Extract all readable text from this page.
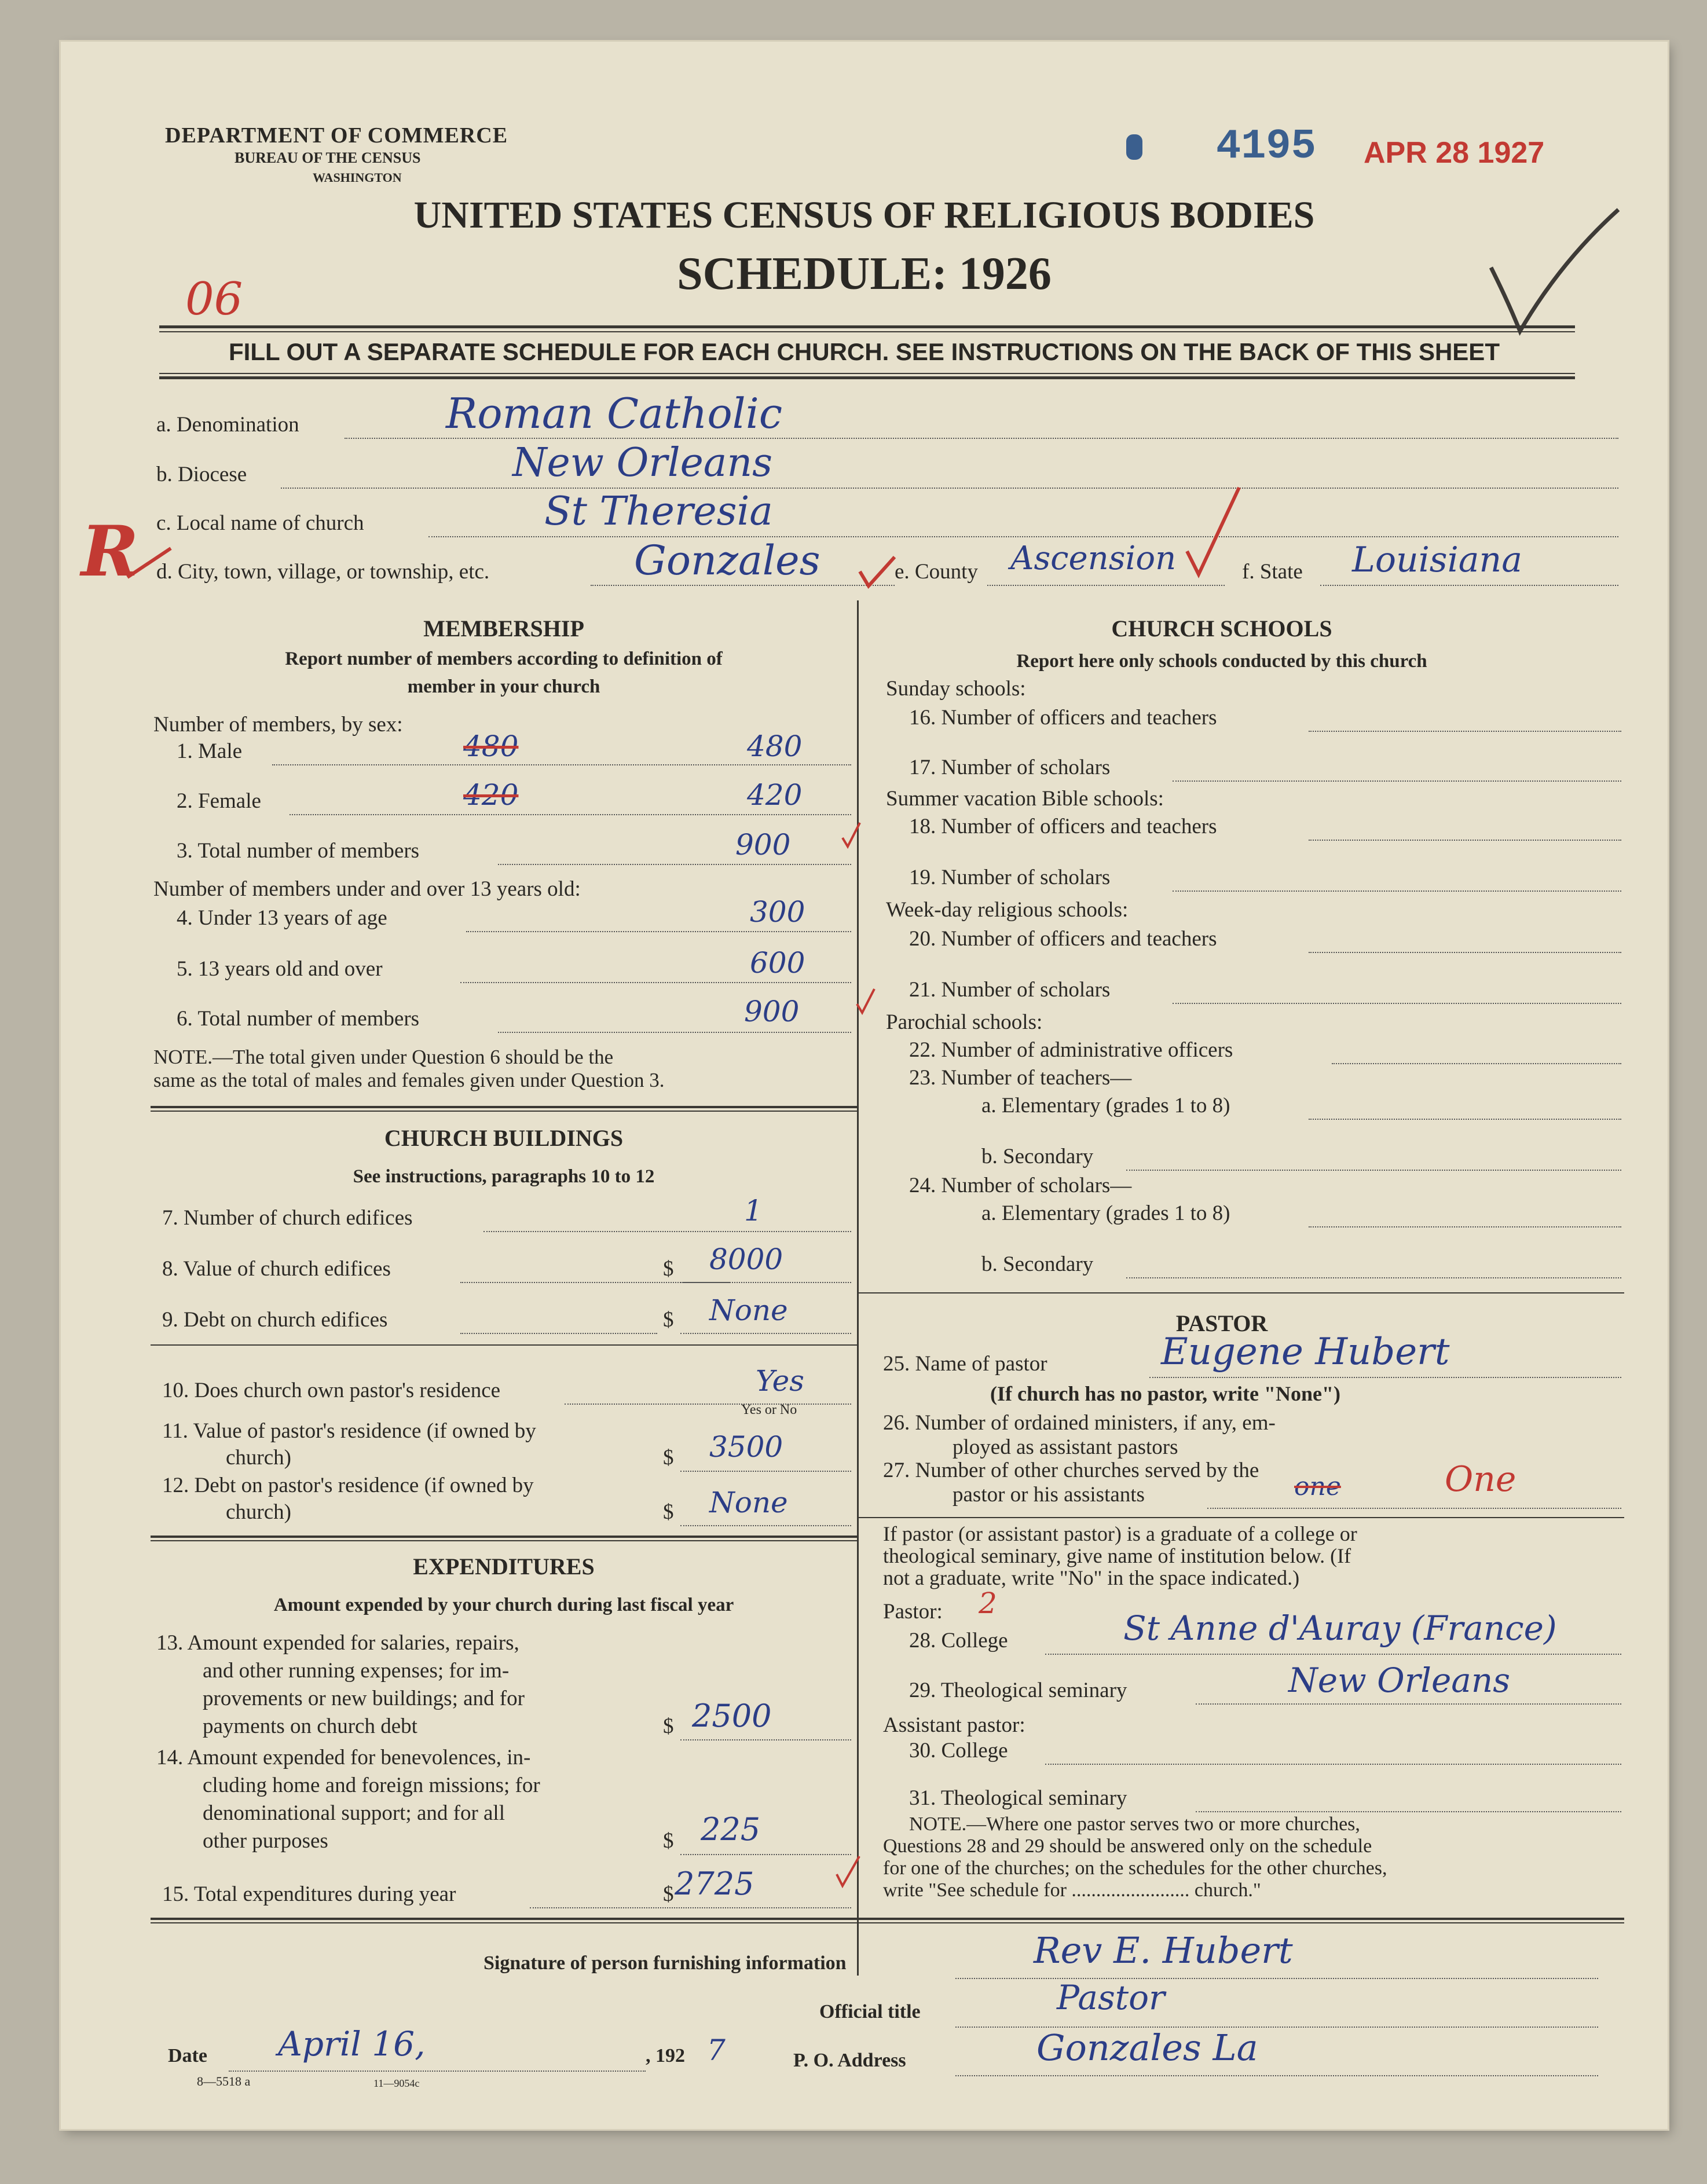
DEPARTMENT OF COMMERCE
BUREAU OF THE CENSUS
WASHINGTON
4195 APR 28 1927
UNITED STATES CENSUS OF RELIGIOUS BODIES
SCHEDULE: 1926
06
FILL OUT A SEPARATE SCHEDULE FOR EACH CHURCH. SEE INSTRUCTIONS ON THE BACK OF THIS SHEET
a. Denomination	Roman Catholic
b. Diocese	New Orleans
c. Local name of church	St Theresia
R d. City, town, village, or township, etc.	Gonzales	e. County Ascension	f. State Louisiana
MEMBERSHIP
Report number of members according to definition of
member in your church
Number of members, by sex:
1. Male	480	480
2. Female	420	420
3. Total number of members	900
Number of members under and over 13 years old:
4. Under 13 years of age	300
5. 13 years old and over	600
6. Total number of members	900
NOTE.—The total given under Question 6 should be the
same as the total of males and females given under Question 3.
CHURCH BUILDINGS
See instructions, paragraphs 10 to 12
7. Number of church edifices	1
8. Value of church edifices	$ 8000
9. Debt on church edifices	$ None
10. Does church own pastor's residence	Yes
Yes or No
11. Value of pastor's residence (if owned by
church)	$ 3500
12. Debt on pastor's residence (if owned by
church)	$ None
EXPENDITURES
Amount expended by your church during last fiscal year
13. Amount expended for salaries, repairs,
and other running expenses; for im-
provements or new buildings; and for
payments on church debt	$ 2500
14. Amount expended for benevolences, in-
cluding home and foreign missions; for
denominational support; and for all
other purposes	$ 225
15. Total expenditures during year	$ 2725
CHURCH SCHOOLS
Report here only schools conducted by this church
Sunday schools:
16. Number of officers and teachers
17. Number of scholars
Summer vacation Bible schools:
18. Number of officers and teachers
19. Number of scholars
Week-day religious schools:
20. Number of officers and teachers
21. Number of scholars
Parochial schools:
22. Number of administrative officers
23. Number of teachers—
a. Elementary (grades 1 to 8)
b. Secondary
24. Number of scholars—
a. Elementary (grades 1 to 8)
b. Secondary
PASTOR
25. Name of pastor	Eugene Hubert
(If church has no pastor, write "None")
26. Number of ordained ministers, if any, em-
ployed as assistant pastors
27. Number of other churches served by the
pastor or his assistants	one	One
If pastor (or assistant pastor) is a graduate of a college or
theological seminary, give name of institution below. (If
not a graduate, write "No" in the space indicated.)
Pastor: 2
28. College	St Anne d'Auray (France)
29. Theological seminary	New Orleans
Assistant pastor:
30. College
31. Theological seminary
NOTE.—Where one pastor serves two or more churches,
Questions 28 and 29 should be answered only on the schedule
for one of the churches; on the schedules for the other churches,
write "See schedule for ........................ church."
Signature of person furnishing information	Rev E. Hubert
Official title	Pastor
Date April 16,	, 192 7	P. O. Address	Gonzales La
8—5518 a	11—9054c
